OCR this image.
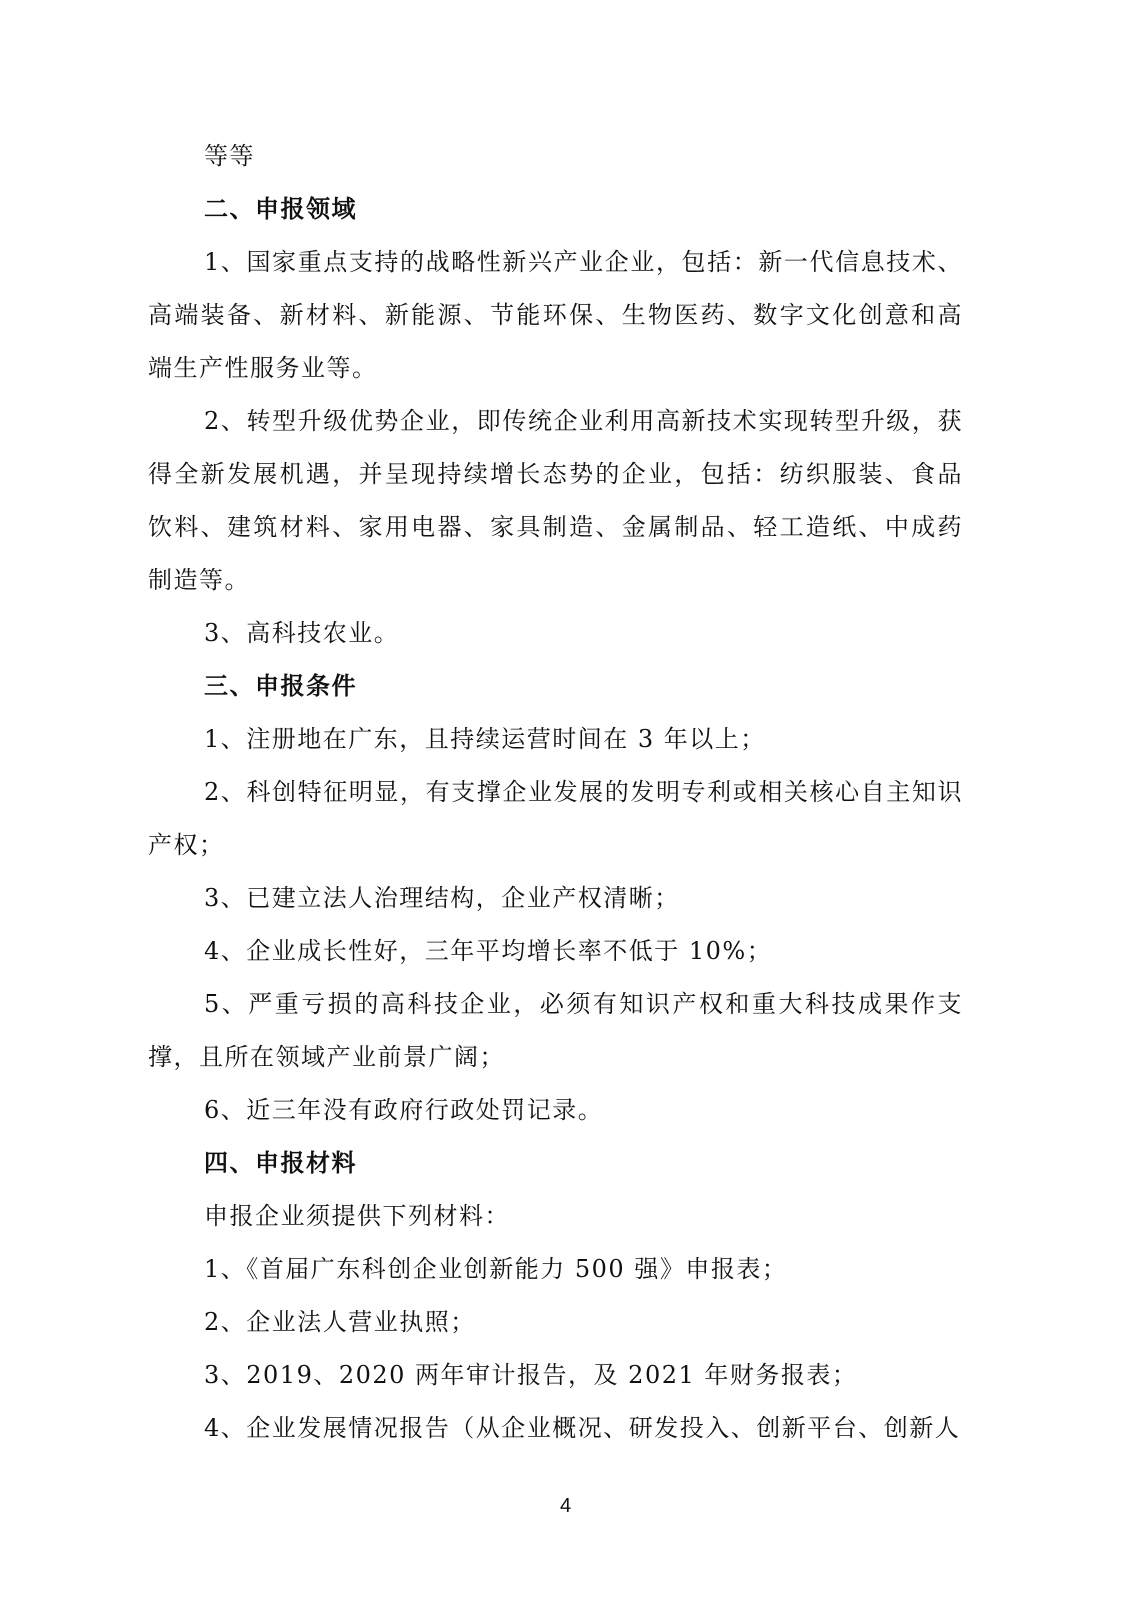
等等

二、申报领域

1、国家重点支持的战略性新兴产业企业，包括：新一代信息技术、高端装备、新材料、新能源、节能环保、生物医药、数字文化创意和高端生产性服务业等。

2、转型升级优势企业，即传统企业利用高新技术实现转型升级，获得全新发展机遇，并呈现持续增长态势的企业，包括：纺织服装、食品饮料、建筑材料、家用电器、家具制造、金属制品、轻工造纸、中成药制造等。

3、高科技农业。

三、申报条件

1、注册地在广东，且持续运营时间在 3 年以上；

2、科创特征明显，有支撑企业发展的发明专利或相关核心自主知识产权；

3、已建立法人治理结构，企业产权清晰；

4、企业成长性好，三年平均增长率不低于 10%；

5、严重亏损的高科技企业，必须有知识产权和重大科技成果作支撑，且所在领域产业前景广阔；

6、近三年没有政府行政处罚记录。

四、申报材料

申报企业须提供下列材料：

1、《首届广东科创企业创新能力 500 强》申报表；

2、企业法人营业执照；

3、2019、2020 两年审计报告，及 2021 年财务报表；

4、企业发展情况报告（从企业概况、研发投入、创新平台、创新人

4
